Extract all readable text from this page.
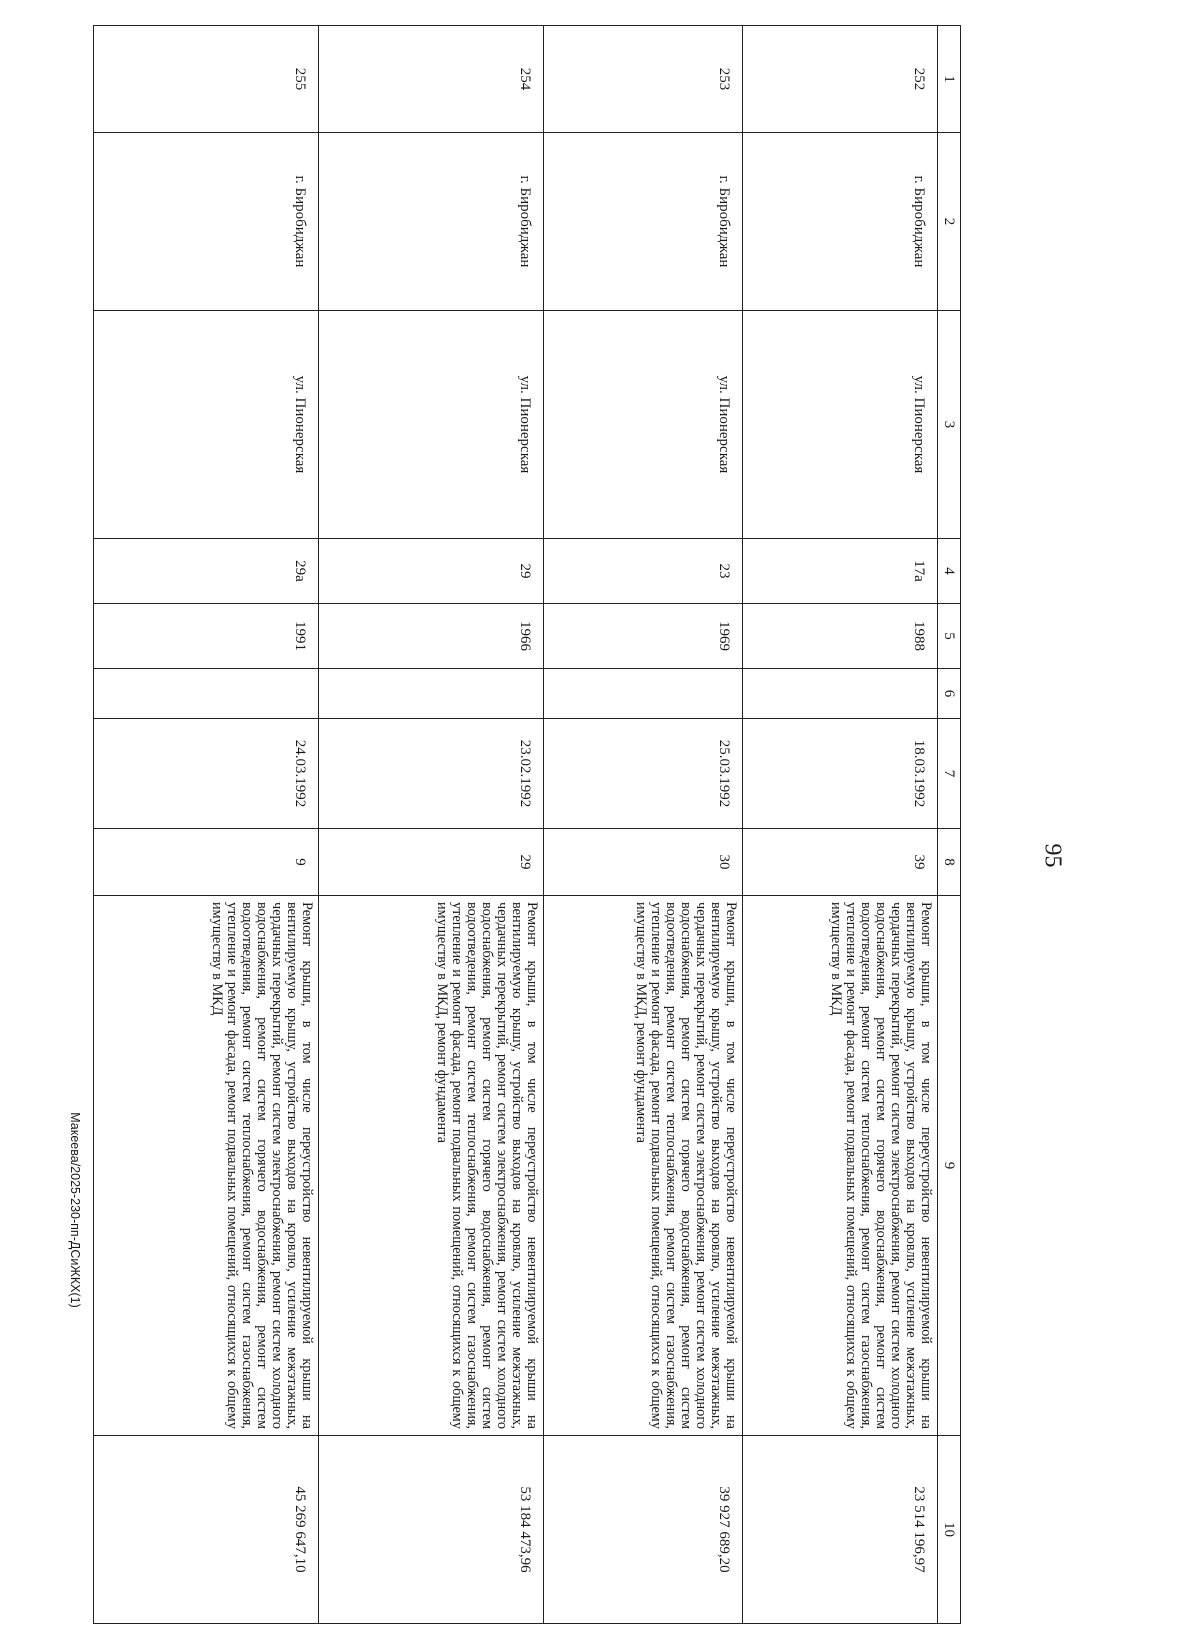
95
1	2	3	4	5	6	7	8	9	10
252	г. Биробиджан	ул. Пионерская	17а	1988		18.03.1992	39	Ремонт крыши, в том числе переустройство невентилируемой крыши на вентилируемую крышу, устройство выходов на кровлю, усиление межэтажных, чердачных перекрытий, ремонт систем электроснабжения, ремонт систем холодного водоснабжения, ремонт систем горячего водоснабжения, ремонт систем водоотведения, ремонт систем теплоснабжения, ремонт систем газоснабжения, утепление и ремонт фасада, ремонт подвальных помещений, относящихся к общему имуществу в МКД	23 514 196,97
253	г. Биробиджан	ул. Пионерская	23	1969		25.03.1992	30	Ремонт крыши, в том числе переустройство невентилируемой крыши на вентилируемую крышу, устройство выходов на кровлю, усиление межэтажных, чердачных перекрытий, ремонт систем электроснабжения, ремонт систем холодного водоснабжения, ремонт систем горячего водоснабжения, ремонт систем водоотведения, ремонт систем теплоснабжения, ремонт систем газоснабжения, утепление и ремонт фасада, ремонт подвальных помещений, относящихся к общему имуществу в МКД, ремонт фундамента	39 927 689,20
254	г. Биробиджан	ул. Пионерская	29	1966		23.02.1992	29	Ремонт крыши, в том числе переустройство невентилируемой крыши на вентилируемую крышу, устройство выходов на кровлю, усиление межэтажных, чердачных перекрытий, ремонт систем электроснабжения, ремонт систем холодного водоснабжения, ремонт систем горячего водоснабжения, ремонт систем водоотведения, ремонт систем теплоснабжения, ремонт систем газоснабжения, утепление и ремонт фасада, ремонт подвальных помещений, относящихся к общему имуществу в МКД, ремонт фундамента	53 184 473,96
255	г. Биробиджан	ул. Пионерская	29а	1991		24.03.1992	9	Ремонт крыши, в том числе переустройство невентилируемой крыши на вентилируемую крышу, устройство выходов на кровлю, усиление межэтажных, чердачных перекрытий, ремонт систем электроснабжения, ремонт систем холодного водоснабжения, ремонт систем горячего водоснабжения, ремонт систем водоотведения, ремонт систем теплоснабжения, ремонт систем газоснабжения, утепление и ремонт фасада, ремонт подвальных помещений, относящихся к общему имуществу в МКД	45 269 647,10
Макеева/2025-230-пп-ДСиЖКХ(1)
